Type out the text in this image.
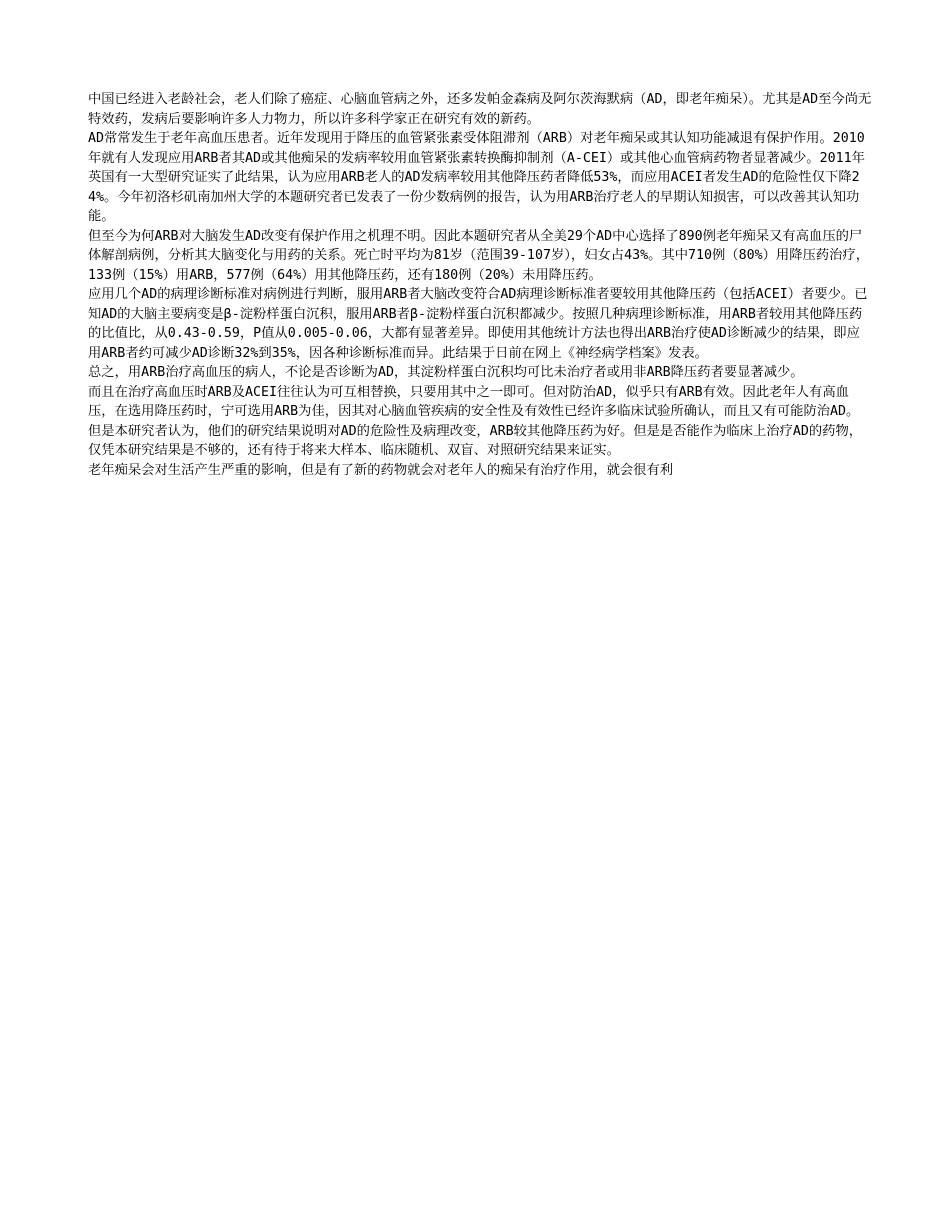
中国已经进入老龄社会，老人们除了癌症、心脑血管病之外，还多发帕金森病及阿尔茨海默病（AD，即老年痴呆）。尤其是AD至今尚无特效药，发病后要影响许多人力物力，所以许多科学家正在研究有效的新药。

AD常常发生于老年高血压患者。近年发现用于降压的血管紧张素受体阻滞剂（ARB）对老年痴呆或其认知功能减退有保护作用。2010年就有人发现应用ARB者其AD或其他痴呆的发病率较用血管紧张素转换酶抑制剂（A-CEI）或其他心血管病药物者显著减少。2011年英国有一大型研究证实了此结果，认为应用ARB老人的AD发病率较用其他降压药者降低53%，而应用ACEI者发生AD的危险性仅下降24%。今年初洛杉矶南加州大学的本题研究者已发表了一份少数病例的报告，认为用ARB治疗老人的早期认知损害，可以改善其认知功能。

但至今为何ARB对大脑发生AD改变有保护作用之机理不明。因此本题研究者从全美29个AD中心选择了890例老年痴呆又有高血压的尸体解剖病例，分析其大脑变化与用药的关系。死亡时平均为81岁（范围39-107岁），妇女占43%。其中710例（80%）用降压药治疗，133例（15%）用ARB，577例（64%）用其他降压药，还有180例（20%）未用降压药。

应用几个AD的病理诊断标准对病例进行判断，服用ARB者大脑改变符合AD病理诊断标准者要较用其他降压药（包括ACEI）者要少。已知AD的大脑主要病变是β-淀粉样蛋白沉积，服用ARB者β-淀粉样蛋白沉积都减少。按照几种病理诊断标准，用ARB者较用其他降压药的比值比，从0.43-0.59，P值从0.005-0.06，大都有显著差异。即使用其他统计方法也得出ARB治疗使AD诊断减少的结果，即应用ARB者约可减少AD诊断32%到35%，因各种诊断标准而异。此结果于日前在网上《神经病学档案》发表。

总之，用ARB治疗高血压的病人，不论是否诊断为AD，其淀粉样蛋白沉积均可比未治疗者或用非ARB降压药者要显著减少。

而且在治疗高血压时ARB及ACEI往往认为可互相替换，只要用其中之一即可。但对防治AD，似乎只有ARB有效。因此老年人有高血压，在选用降压药时，宁可选用ARB为佳，因其对心脑血管疾病的安全性及有效性已经许多临床试验所确认，而且又有可能防治AD。但是本研究者认为，他们的研究结果说明对AD的危险性及病理改变，ARB较其他降压药为好。但是是否能作为临床上治疗AD的药物，仅凭本研究结果是不够的，还有待于将来大样本、临床随机、双盲、对照研究结果来证实。

老年痴呆会对生活产生严重的影响，但是有了新的药物就会对老年人的痴呆有治疗作用，就会很有利
